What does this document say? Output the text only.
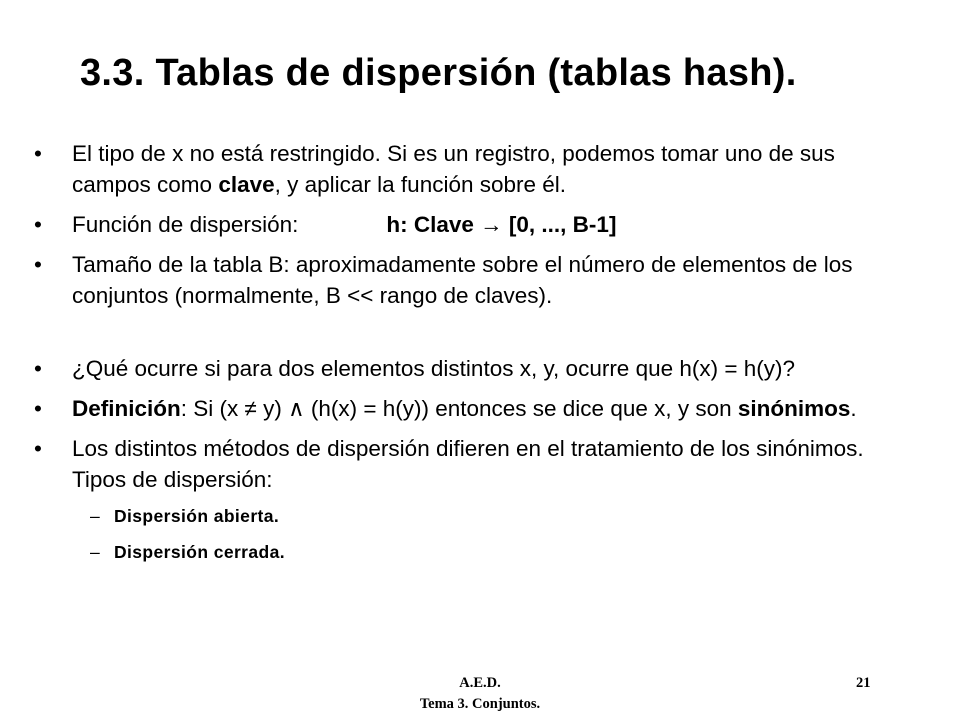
3.3. Tablas de dispersión (tablas hash).
•	El tipo de x no está restringido. Si es un registro, podemos tomar uno de sus campos como clave, y aplicar la función sobre él.
•	Función de dispersión:	h: Clave → [0, ..., B-1]
•	Tamaño de la tabla B: aproximadamente sobre el número de elementos de los conjuntos (normalmente, B << rango de claves).
•	¿Qué ocurre si para dos elementos distintos x, y, ocurre que h(x) = h(y)?
•	Definición: Si (x ≠ y) ∧ (h(x) = h(y)) entonces se dice que x, y son sinónimos.
•	Los distintos métodos de dispersión difieren en el tratamiento de los sinónimos. Tipos de dispersión:
– Dispersión abierta.
– Dispersión cerrada.
A.E.D.
Tema 3. Conjuntos.
21
